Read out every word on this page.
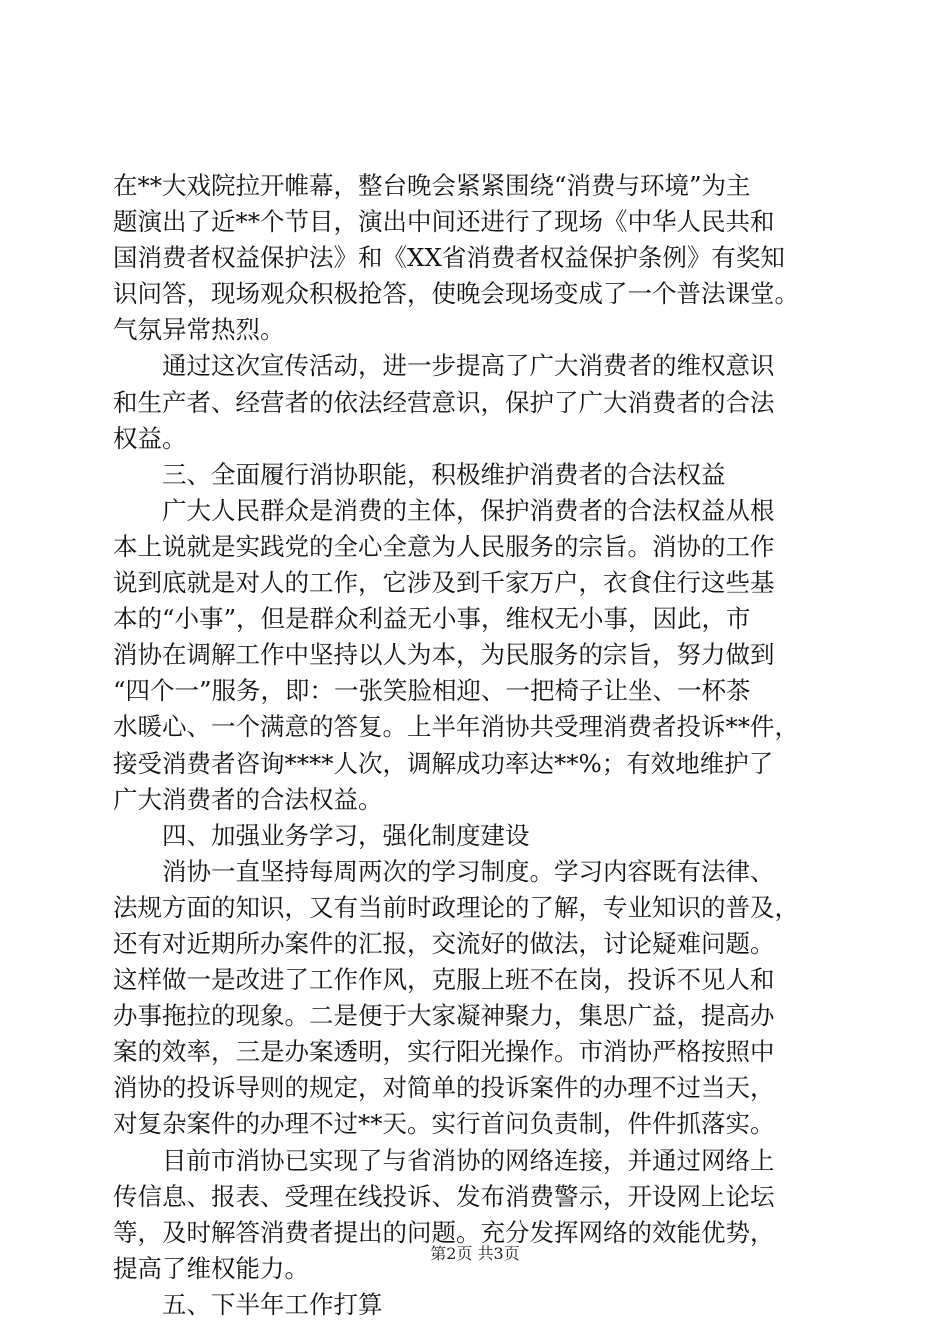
在**大戏院拉开帷幕，整台晚会紧紧围绕“消费与环境”为主
题演出了近**个节目，演出中间还进行了现场《中华人民共和
国消费者权益保护法》和《XX省消费者权益保护条例》有奖知
识问答，现场观众积极抢答，使晚会现场变成了一个普法课堂。
气氛异常热烈。
通过这次宣传活动，进一步提高了广大消费者的维权意识
和生产者、经营者的依法经营意识，保护了广大消费者的合法
权益。
三、全面履行消协职能，积极维护消费者的合法权益
广大人民群众是消费的主体，保护消费者的合法权益从根
本上说就是实践党的全心全意为人民服务的宗旨。消协的工作
说到底就是对人的工作，它涉及到千家万户，衣食住行这些基
本的“小事”，但是群众利益无小事，维权无小事，因此，市
消协在调解工作中坚持以人为本，为民服务的宗旨，努力做到
“四个一”服务，即：一张笑脸相迎、一把椅子让坐、一杯茶
水暖心、一个满意的答复。上半年消协共受理消费者投诉**件，
接受消费者咨询****人次，调解成功率达**%；有效地维护了
广大消费者的合法权益。
四、加强业务学习，强化制度建设
消协一直坚持每周两次的学习制度。学习内容既有法律、
法规方面的知识，又有当前时政理论的了解，专业知识的普及，
还有对近期所办案件的汇报，交流好的做法，讨论疑难问题。
这样做一是改进了工作作风，克服上班不在岗，投诉不见人和
办事拖拉的现象。二是便于大家凝神聚力，集思广益，提高办
案的效率，三是办案透明，实行阳光操作。市消协严格按照中
消协的投诉导则的规定，对简单的投诉案件的办理不过当天，
对复杂案件的办理不过**天。实行首问负责制，件件抓落实。
目前市消协已实现了与省消协的网络连接，并通过网络上
传信息、报表、受理在线投诉、发布消费警示，开设网上论坛
等，及时解答消费者提出的问题。充分发挥网络的效能优势，
提高了维权能力。
五、下半年工作打算
第2页 共3页
